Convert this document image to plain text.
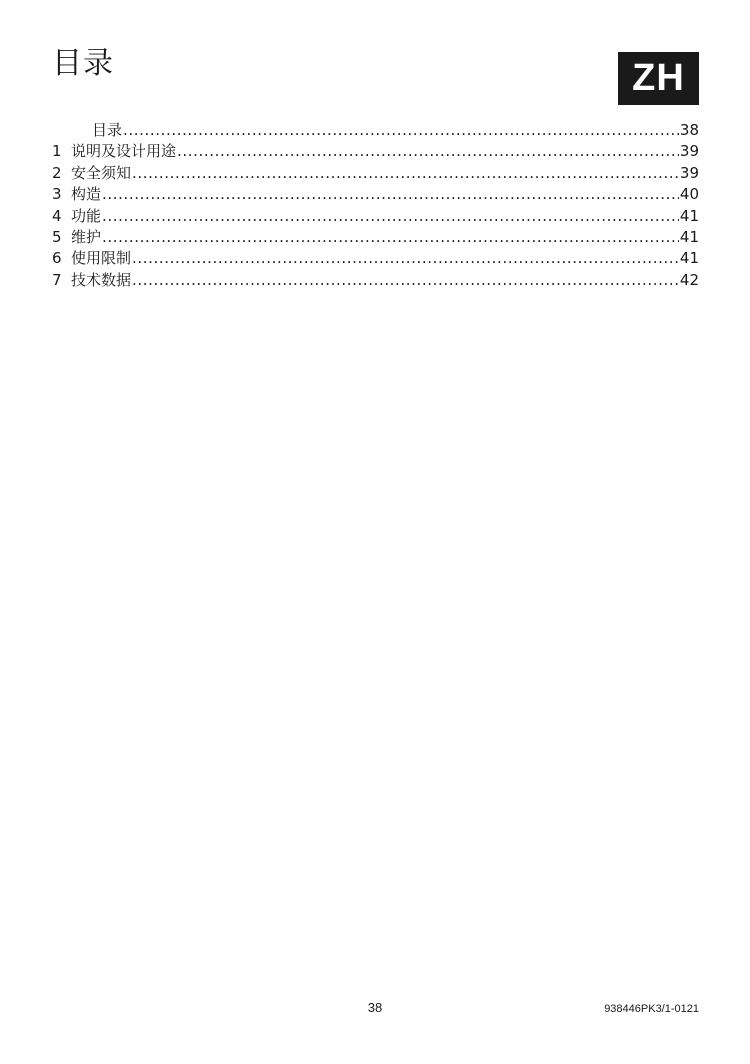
目录	ZH
目录 .....	38
1 说明及设计用途 .....	39
2 安全须知 .....	39
3 构造 .....	40
4 功能 .....	41
5 维护 .....	41
6 使用限制 .....	41
7 技术数据 .....	42
38	938446PK3/1-0121
